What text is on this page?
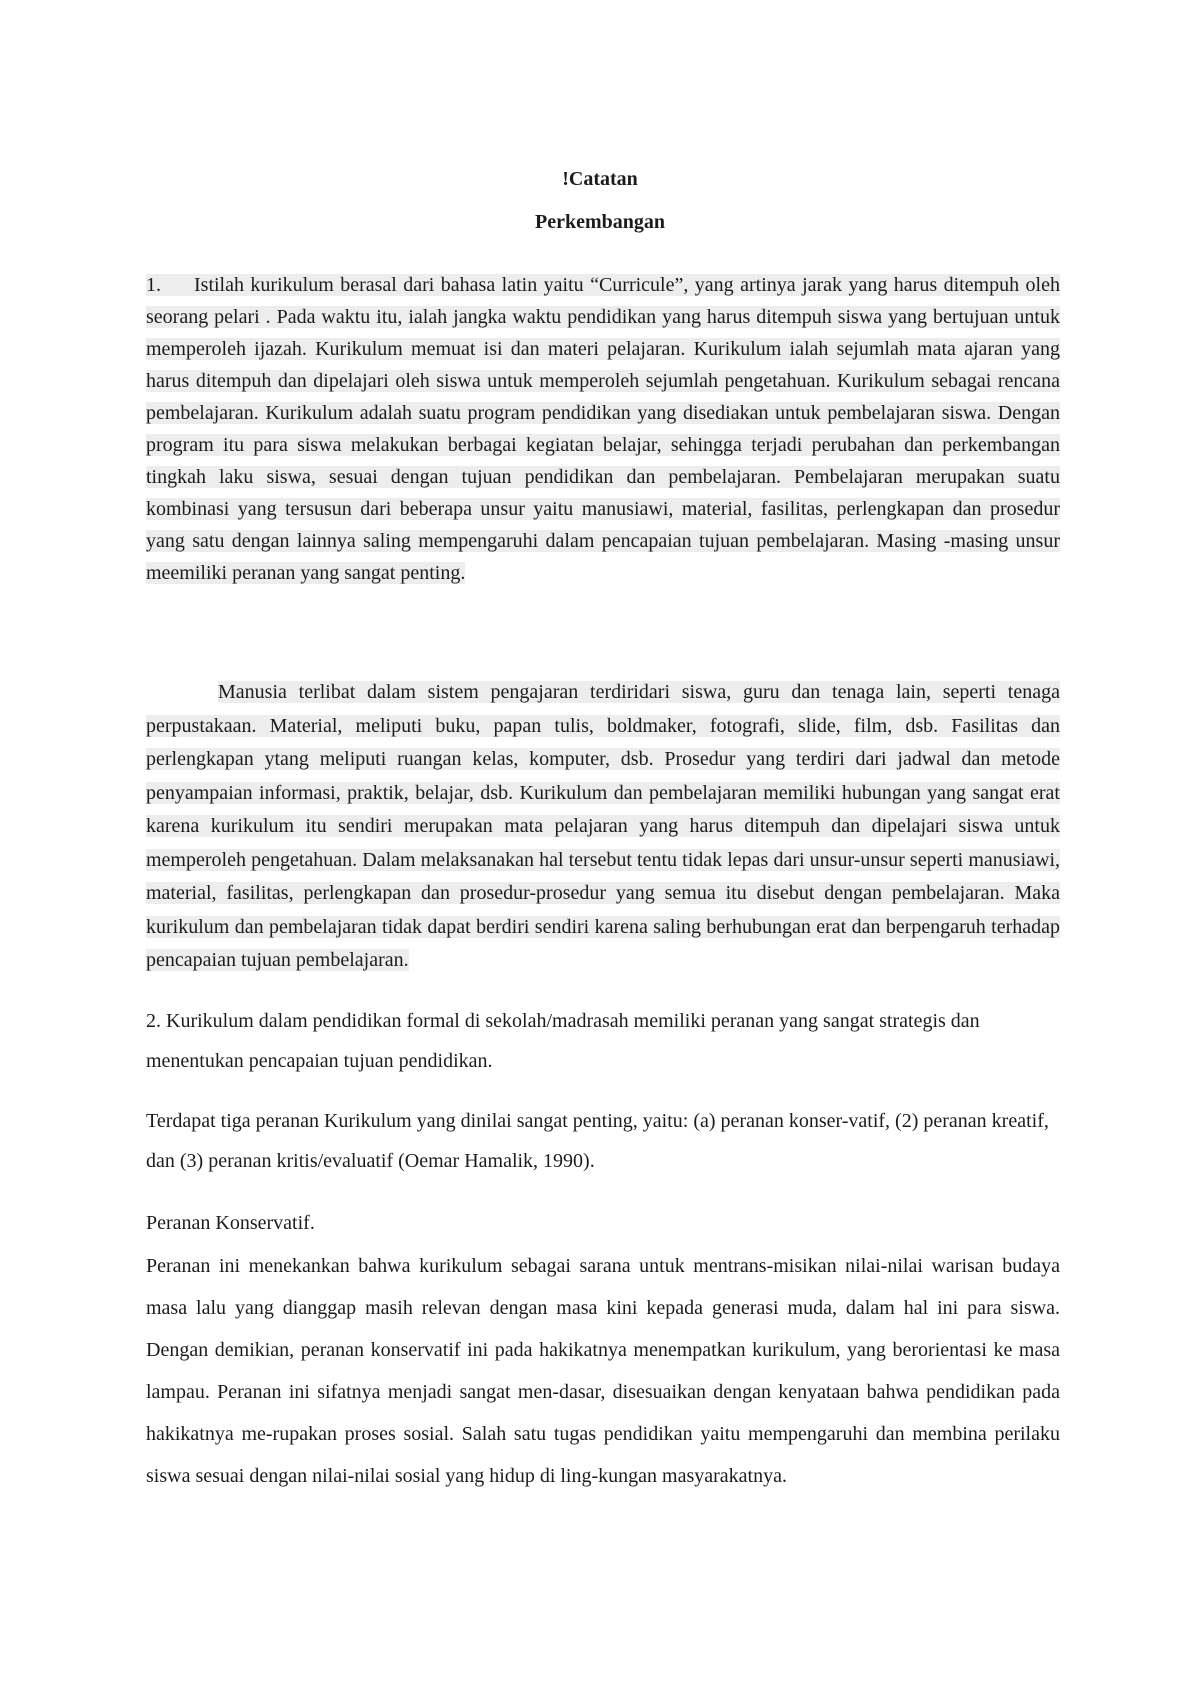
!Catatan
Perkembangan

1. Istilah kurikulum berasal dari bahasa latin yaitu “Curricule”, yang artinya jarak yang harus ditempuh oleh seorang pelari . Pada waktu itu, ialah jangka waktu pendidikan yang harus ditempuh siswa yang bertujuan untuk memperoleh ijazah. Kurikulum memuat isi dan materi pelajaran. Kurikulum ialah sejumlah mata ajaran yang harus ditempuh dan dipelajari oleh siswa untuk memperoleh sejumlah pengetahuan. Kurikulum sebagai rencana pembelajaran. Kurikulum adalah suatu program pendidikan yang disediakan untuk pembelajaran siswa. Dengan program itu para siswa melakukan berbagai kegiatan belajar, sehingga terjadi perubahan dan perkembangan tingkah laku siswa, sesuai dengan tujuan pendidikan dan pembelajaran. Pembelajaran merupakan suatu kombinasi yang tersusun dari beberapa unsur yaitu manusiawi, material, fasilitas, perlengkapan dan prosedur yang satu dengan lainnya saling mempengaruhi dalam pencapaian tujuan pembelajaran. Masing -masing unsur meemiliki peranan yang sangat penting.

Manusia terlibat dalam sistem pengajaran terdiridari siswa, guru dan tenaga lain, seperti tenaga perpustakaan. Material, meliputi buku, papan tulis, boldmaker, fotografi, slide, film, dsb. Fasilitas dan perlengkapan ytang meliputi ruangan kelas, komputer, dsb. Prosedur yang terdiri dari jadwal dan metode penyampaian informasi, praktik, belajar, dsb. Kurikulum dan pembelajaran memiliki hubungan yang sangat erat karena kurikulum itu sendiri merupakan mata pelajaran yang harus ditempuh dan dipelajari siswa untuk memperoleh pengetahuan. Dalam melaksanakan hal tersebut tentu tidak lepas dari unsur-unsur seperti manusiawi, material, fasilitas, perlengkapan dan prosedur-prosedur yang semua itu disebut dengan pembelajaran. Maka kurikulum dan pembelajaran tidak dapat berdiri sendiri karena saling berhubungan erat dan berpengaruh terhadap pencapaian tujuan pembelajaran.

2. Kurikulum dalam pendidikan formal di sekolah/madrasah memiliki peranan yang sangat strategis dan menentukan pencapaian tujuan pendidikan.

Terdapat tiga peranan Kurikulum yang dinilai sangat penting, yaitu: (a) peranan konser-vatif, (2) peranan kreatif, dan (3) peranan kritis/evaluatif (Oemar Hamalik, 1990).

Peranan Konservatif.

Peranan ini menekankan bahwa kurikulum sebagai sarana untuk mentrans-misikan nilai-nilai warisan budaya masa lalu yang dianggap masih relevan dengan masa kini kepada generasi muda, dalam hal ini para siswa. Dengan demikian, peranan konservatif ini pada hakikatnya menempatkan kurikulum, yang berorientasi ke masa lampau. Peranan ini sifatnya menjadi sangat men-dasar, disesuaikan dengan kenyataan bahwa pendidikan pada hakikatnya me-rupakan proses sosial. Salah satu tugas pendidikan yaitu mempengaruhi dan membina perilaku siswa sesuai dengan nilai-nilai sosial yang hidup di ling-kungan masyarakatnya.
